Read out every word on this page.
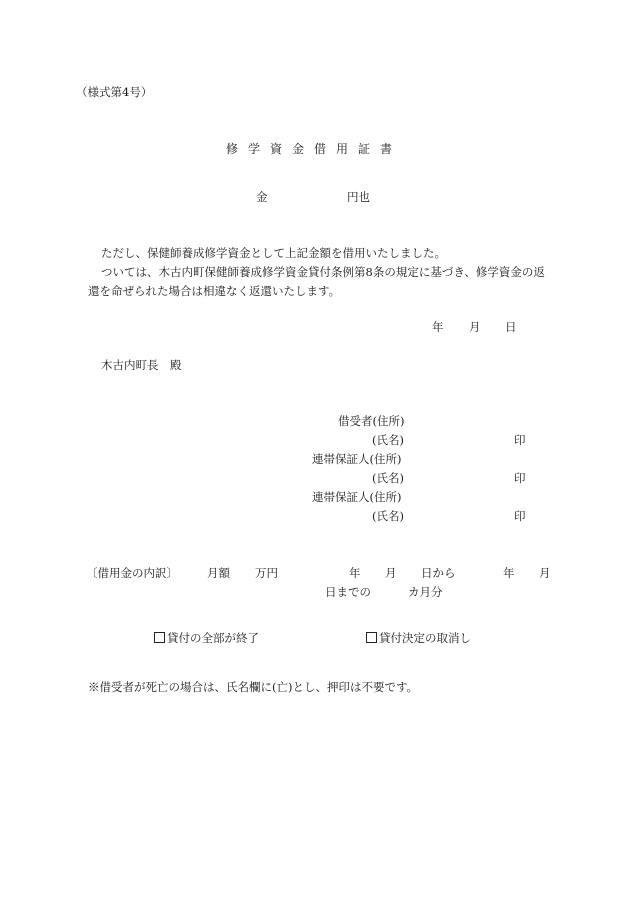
（様式第4号）
修学資金借用証書
金	円也
ただし、保健師養成修学資金として上記金額を借用いたしました。
ついては、木古内町保健師養成修学資金貸付条例第8条の規定に基づき、修学資金の返
還を命ぜられた場合は相違なく返還いたします。
年 月 日
木古内町長　殿
借受者(住所)
(氏名)	印
連帯保証人(住所)
(氏名)	印
連帯保証人(住所)
(氏名)	印
〔借用金の内訳〕	月額 万円	年 月 日から	年 月
日までの	カ月分
貸付の全部が終了	貸付決定の取消し
※借受者が死亡の場合は、氏名欄に(亡)とし、押印は不要です。
